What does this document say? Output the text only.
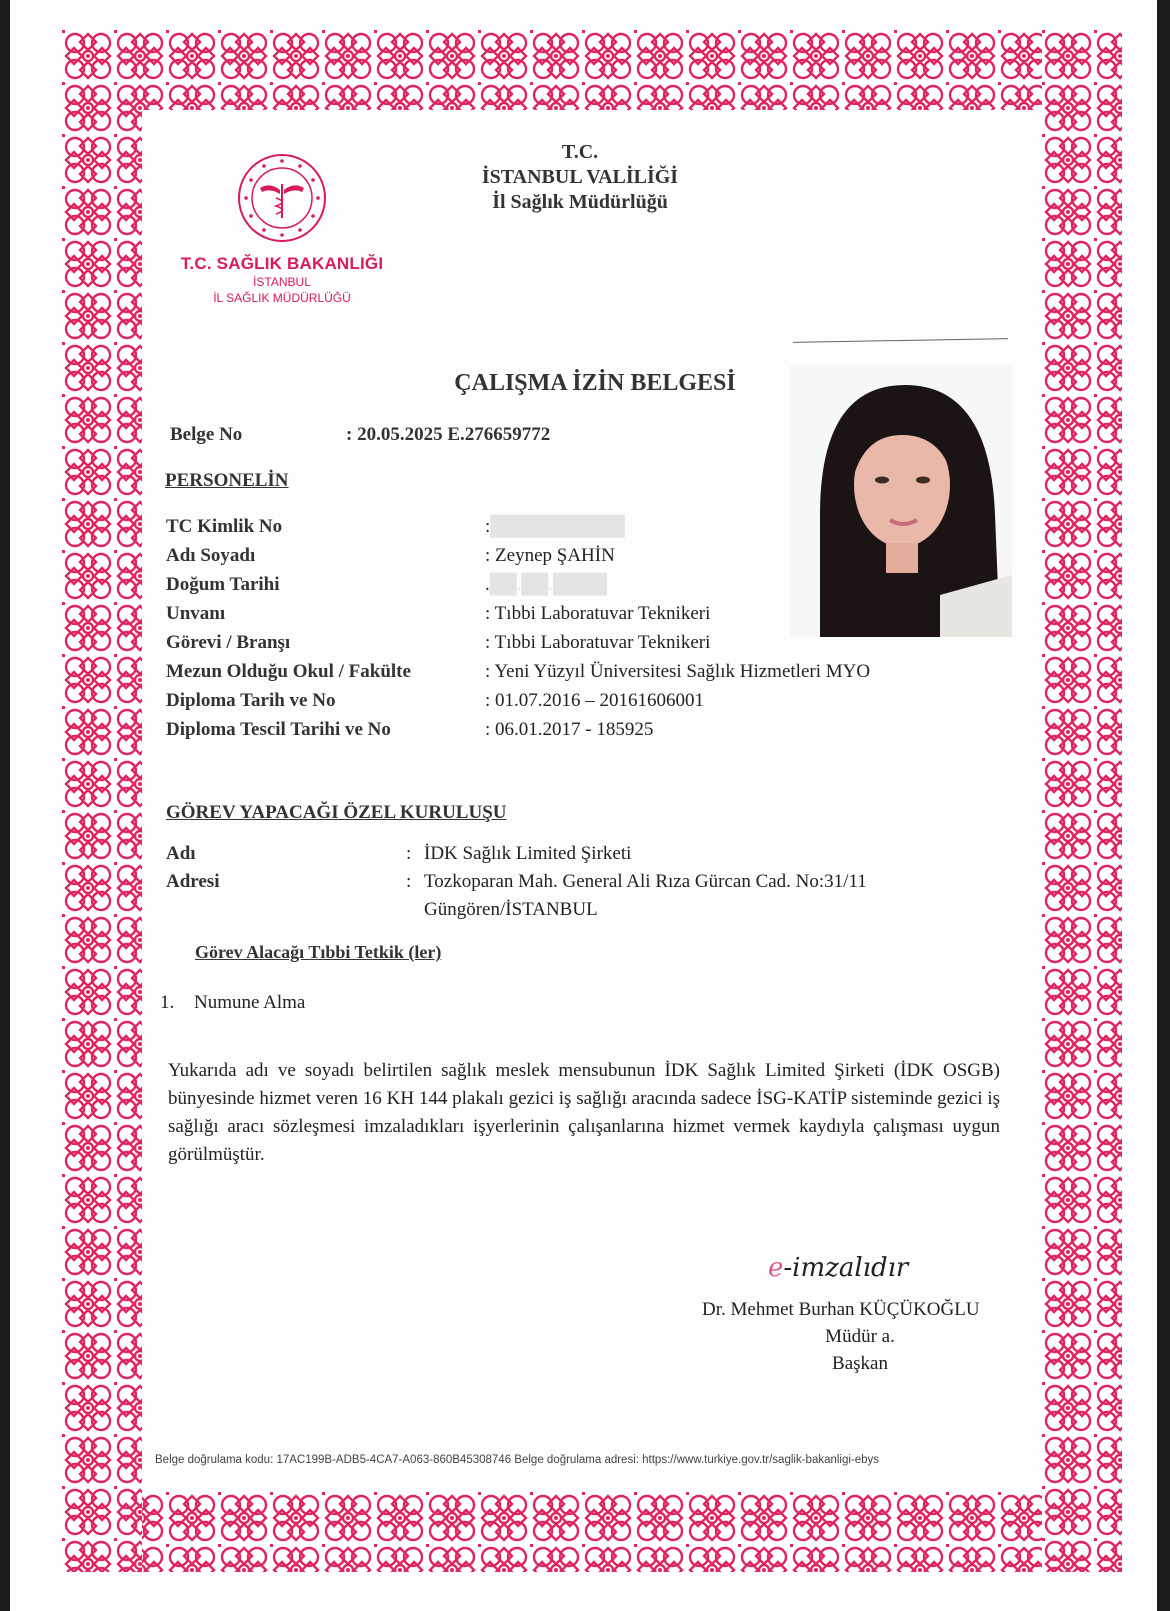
T.C. SAĞLIK BAKANLIĞI
İSTANBUL
İL SAĞLIK MÜDÜRLÜĞÜ
T.C.
İSTANBUL VALİLİĞİ
İl Sağlık Müdürlüğü
ÇALIŞMA İZİN BELGESİ
Belge No	: 20.05.2025 E.276659772
PERSONELİN
TC Kimlik No	:██████████
Adı Soyadı	: Zeynep ŞAHİN
Doğum Tarihi	.██.██.████
Unvanı	: Tıbbi Laboratuvar Teknikeri
Görevi / Branşı	: Tıbbi Laboratuvar Teknikeri
Mezun Olduğu Okul / Fakülte	: Yeni Yüzyıl Üniversitesi Sağlık Hizmetleri MYO
Diploma Tarih ve No	: 01.07.2016 – 20161606001
Diploma Tescil Tarihi ve No	: 06.01.2017 - 185925
GÖREV YAPACAĞI ÖZEL KURULUŞU
Adı	: İDK Sağlık Limited Şirketi
Adresi	: Tozkoparan Mah. General Ali Rıza Gürcan Cad. No:31/11
Güngören/İSTANBUL
Görev Alacağı Tıbbi Tetkik (ler)
1. Numune Alma
Yukarıda adı ve soyadı belirtilen sağlık meslek mensubunun İDK Sağlık Limited Şirketi (İDK OSGB) bünyesinde hizmet veren 16 KH 144 plakalı gezici iş sağlığı aracında sadece İSG-KATİP sisteminde gezici iş sağlığı aracı sözleşmesi imzaladıkları işyerlerinin çalışanlarına hizmet vermek kaydıyla çalışması uygun görülmüştür.
e-imzalıdır
Dr. Mehmet Burhan KÜÇÜKOĞLU
Müdür a.
Başkan
Belge doğrulama kodu: 17AC199B-ADB5-4CA7-A063-860B45308746 Belge doğrulama adresi: https://www.turkiye.gov.tr/saglik-bakanligi-ebys
